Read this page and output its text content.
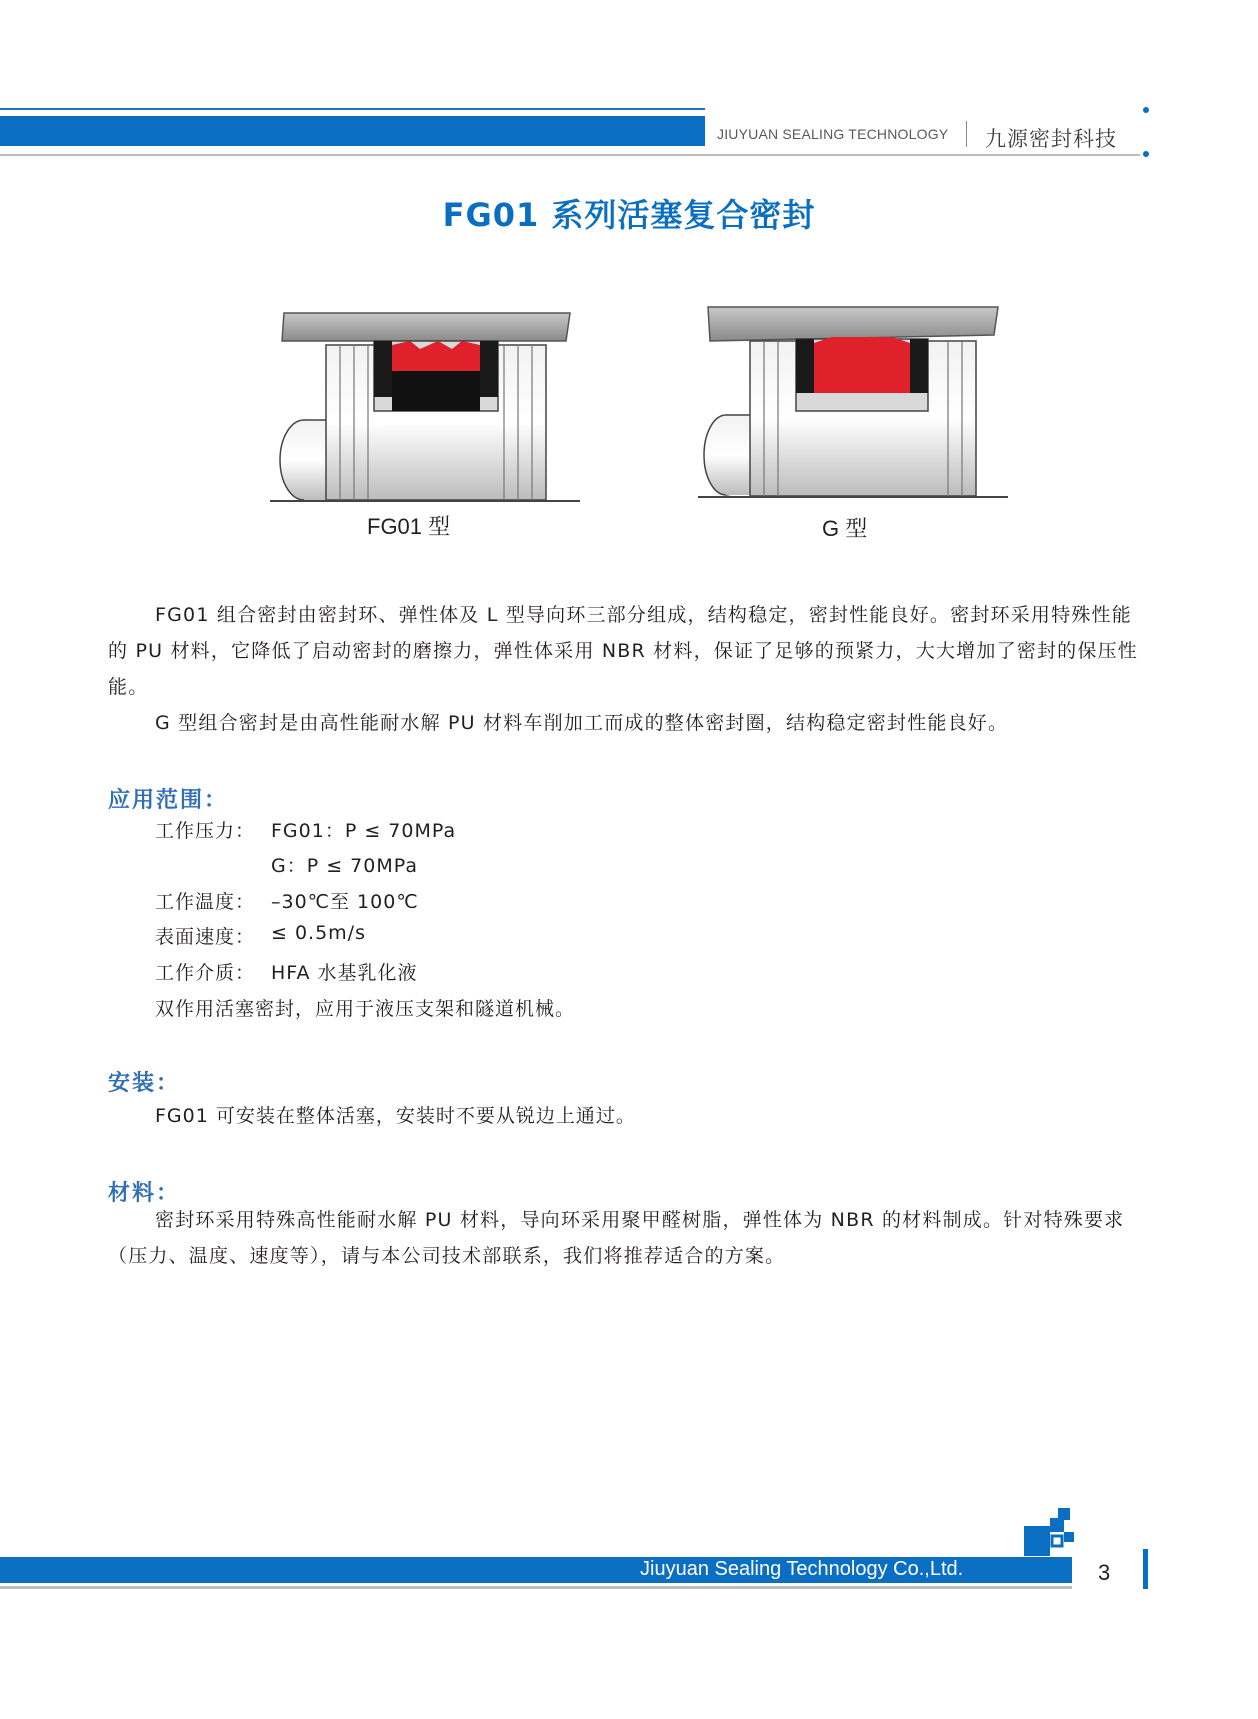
JIUYUAN SEALING TECHNOLOGY 九源密封科技
FG01 系列活塞复合密封
FG01 型	G 型

FG01 组合密封由密封环、弹性体及 L 型导向环三部分组成，结构稳定，密封性能良好。密封环采用特殊性能的 PU 材料，它降低了启动密封的磨擦力，弹性体采用 NBR 材料，保证了足够的预紧力，大大增加了密封的保压性能。

G 型组合密封是由高性能耐水解 PU 材料车削加工而成的整体密封圈，结构稳定密封性能良好。

应用范围：
工作压力： FG01：P ≤ 70MPa
G：P ≤ 70MPa
工作温度： –30℃至 100℃
表面速度： ≤ 0.5m/s
工作介质： HFA 水基乳化液
双作用活塞密封，应用于液压支架和隧道机械。
安装：
FG01 可安装在整体活塞，安装时不要从锐边上通过。
材料：

密封环采用特殊高性能耐水解 PU 材料，导向环采用聚甲醛树脂，弹性体为 NBR 的材料制成。针对特殊要求（压力、温度、速度等），请与本公司技术部联系，我们将推荐适合的方案。

Jiuyuan Sealing Technology Co.,Ltd.	3
